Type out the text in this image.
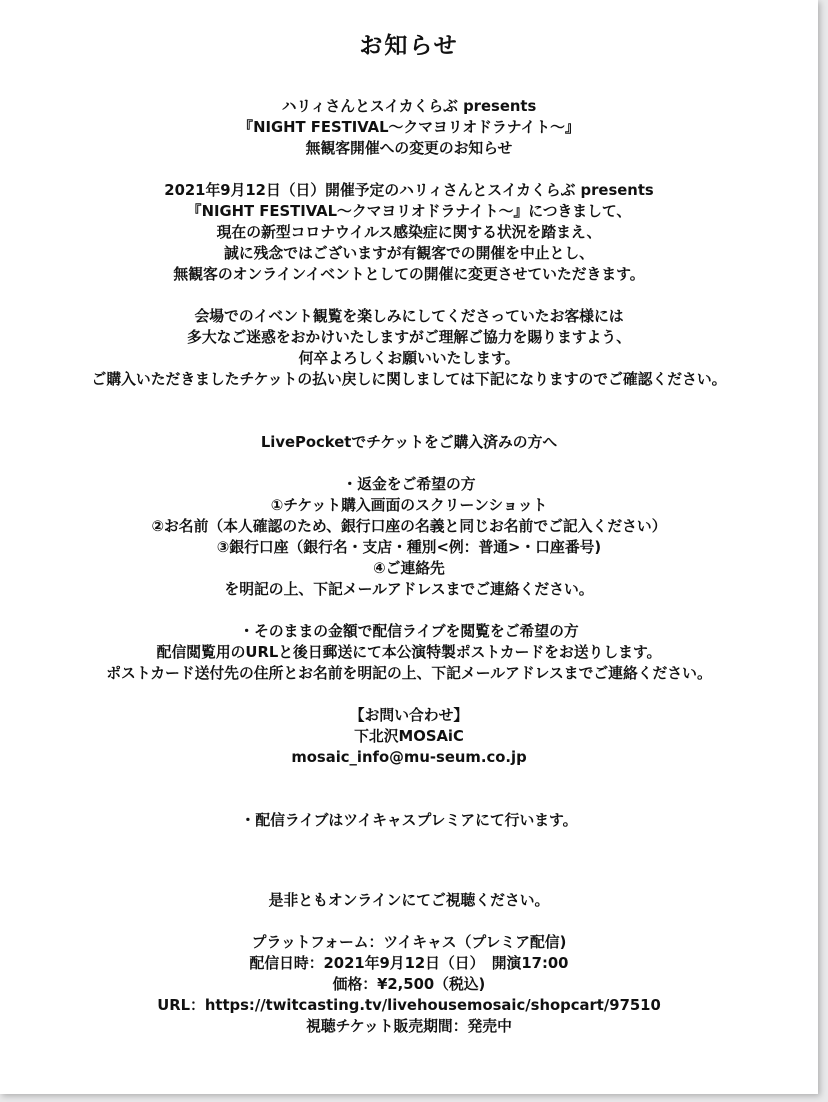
お知らせ
ハリィさんとスイカくらぶ presents
『NIGHT FESTIVAL〜クマヨリオドラナイト〜』
無観客開催への変更のお知らせ
2021年9月12日（日）開催予定のハリィさんとスイカくらぶ presents
『NIGHT FESTIVAL〜クマヨリオドラナイト〜』につきまして、
現在の新型コロナウイルス感染症に関する状況を踏まえ、
誠に残念ではございますが有観客での開催を中止とし、
無観客のオンラインイベントとしての開催に変更させていただきます。
会場でのイベント観覧を楽しみにしてくださっていたお客様には
多大なご迷惑をおかけいたしますがご理解ご協力を賜りますよう、
何卒よろしくお願いいたします。
ご購入いただきましたチケットの払い戻しに関しましては下記になりますのでご確認ください。
LivePocketでチケットをご購入済みの方へ
・返金をご希望の方
①チケット購入画面のスクリーンショット
②お名前（本人確認のため、銀行口座の名義と同じお名前でご記入ください）
③銀行口座（銀行名・支店・種別<例：普通>・口座番号)
④ご連絡先
を明記の上、下記メールアドレスまでご連絡ください。
・そのままの金額で配信ライブを閲覧をご希望の方
配信閲覧用のURLと後日郵送にて本公演特製ポストカードをお送りします。
ポストカード送付先の住所とお名前を明記の上、下記メールアドレスまでご連絡ください。
【お問い合わせ】
下北沢MOSAiC
mosaic_info@mu-seum.co.jp
・配信ライブはツイキャスプレミアにて行います。
是非ともオンラインにてご視聴ください。
プラットフォーム：ツイキャス（プレミア配信)
配信日時：2021年9月12日（日）　開演17:00
価格：¥2,500（税込)
URL：https://twitcasting.tv/livehousemosaic/shopcart/97510
視聴チケット販売期間：発売中
